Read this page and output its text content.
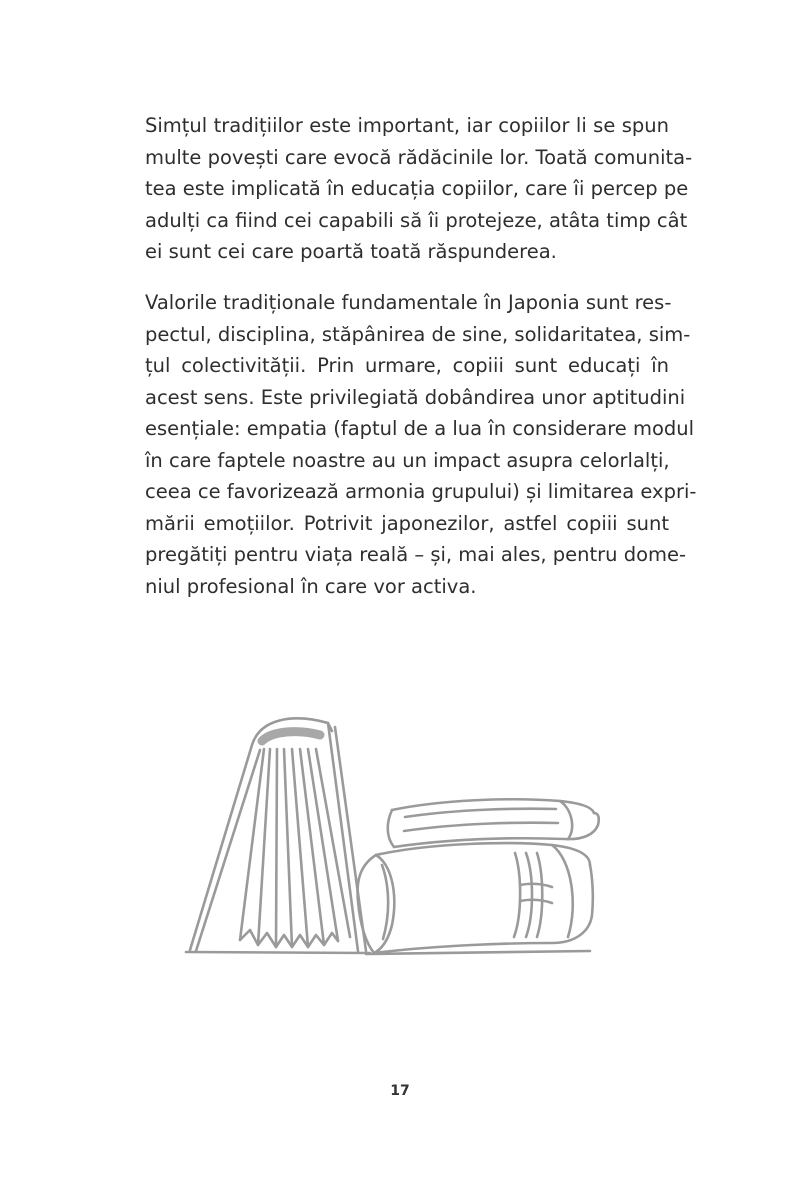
Simțul tradițiilor este important, iar copiilor li se spun
multe povești care evocă rădăcinile lor. Toată comunita-
tea este implicată în educația copiilor, care îi percep pe
adulți ca fiind cei capabili să îi protejeze, atâta timp cât
ei sunt cei care poartă toată răspunderea.
Valorile tradiționale fundamentale în Japonia sunt res-
pectul, disciplina, stăpânirea de sine, solidaritatea, sim-
țul colectivității. Prin urmare, copiii sunt educați în
acest sens. Este privilegiată dobândirea unor aptitudini
esențiale: empatia (faptul de a lua în considerare modul
în care faptele noastre au un impact asupra celorlalți,
ceea ce favorizează armonia grupului) și limitarea expri-
mării emoțiilor. Potrivit japonezilor, astfel copiii sunt
pregătiți pentru viața reală – și, mai ales, pentru dome-
niul profesional în care vor activa.
17
